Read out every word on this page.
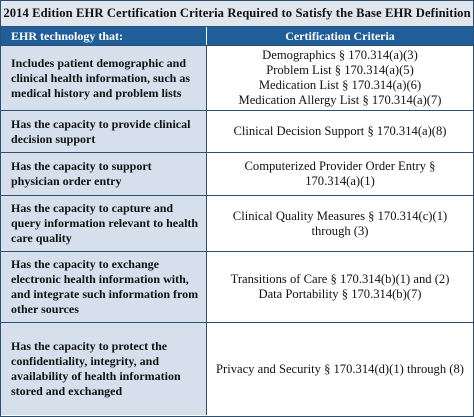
2014 Edition EHR Certification Criteria Required to Satisfy the Base EHR Definition
EHR technology that:	Certification Criteria
Includes patient demographic and clinical health information, such as medical history and problem lists
Demographics § 170.314(a)(3)
Problem List § 170.314(a)(5)
Medication List § 170.314(a)(6)
Medication Allergy List § 170.314(a)(7)
Has the capacity to provide clinical decision support
Clinical Decision Support § 170.314(a)(8)
Has the capacity to support physician order entry
Computerized Provider Order Entry § 170.314(a)(1)
Has the capacity to capture and query information relevant to health care quality
Clinical Quality Measures § 170.314(c)(1) through (3)
Has the capacity to exchange electronic health information with, and integrate such information from other sources
Transitions of Care § 170.314(b)(1) and (2)
Data Portability § 170.314(b)(7)
Has the capacity to protect the confidentiality, integrity, and availability of health information stored and exchanged
Privacy and Security § 170.314(d)(1) through (8)
